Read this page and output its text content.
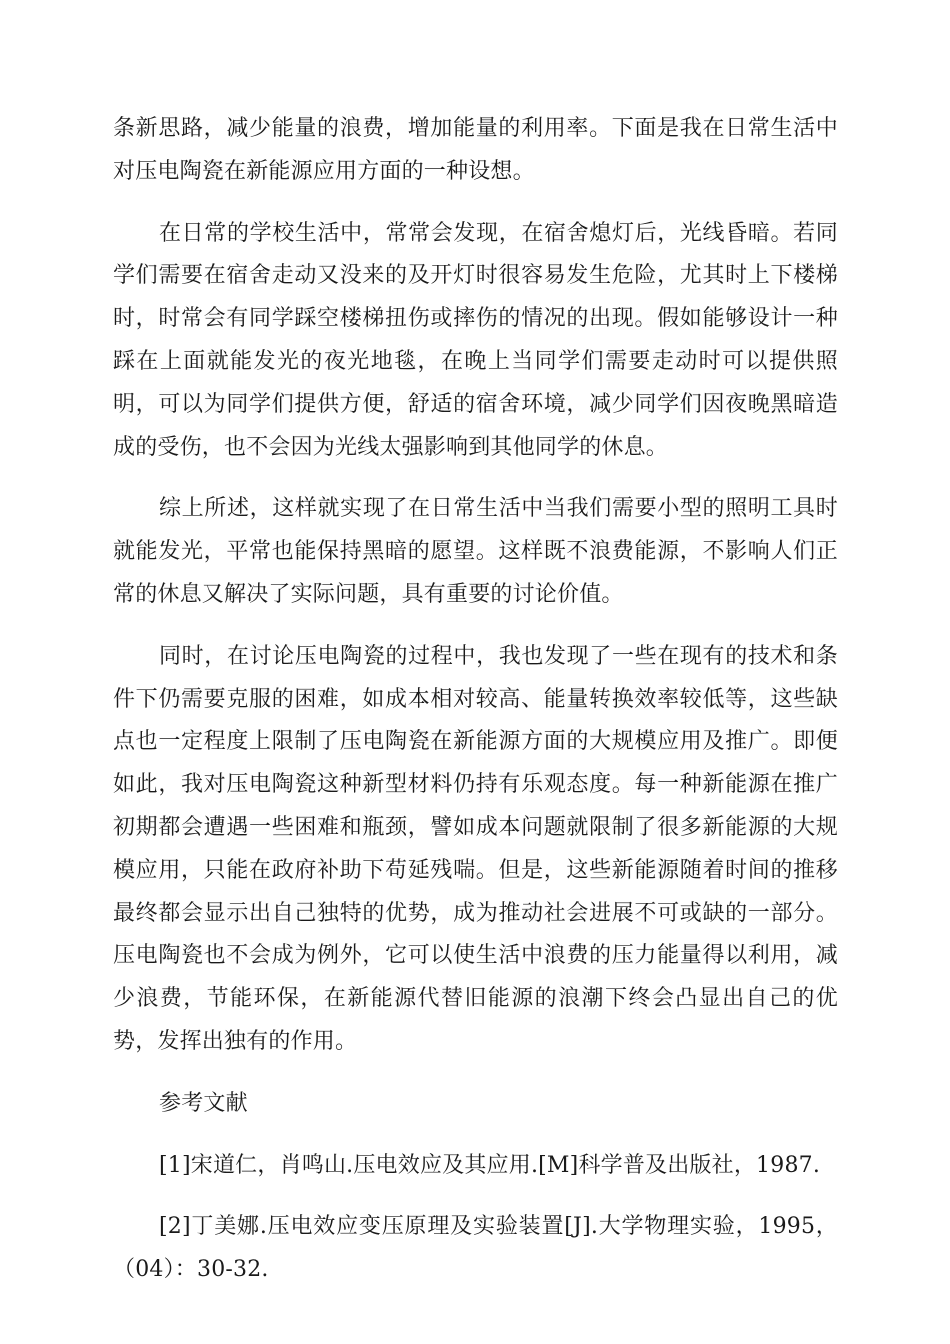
条新思路，减少能量的浪费，增加能量的利用率。下面是我在日常生活中对压电陶瓷在新能源应用方面的一种设想。

在日常的学校生活中，常常会发现，在宿舍熄灯后，光线昏暗。若同学们需要在宿舍走动又没来的及开灯时很容易发生危险，尤其时上下楼梯时，时常会有同学踩空楼梯扭伤或摔伤的情况的出现。假如能够设计一种踩在上面就能发光的夜光地毯，在晚上当同学们需要走动时可以提供照明，可以为同学们提供方便，舒适的宿舍环境，减少同学们因夜晚黑暗造成的受伤，也不会因为光线太强影响到其他同学的休息。

综上所述，这样就实现了在日常生活中当我们需要小型的照明工具时就能发光，平常也能保持黑暗的愿望。这样既不浪费能源，不影响人们正常的休息又解决了实际问题，具有重要的讨论价值。

同时，在讨论压电陶瓷的过程中，我也发现了一些在现有的技术和条件下仍需要克服的困难，如成本相对较高、能量转换效率较低等，这些缺点也一定程度上限制了压电陶瓷在新能源方面的大规模应用及推广。即便如此，我对压电陶瓷这种新型材料仍持有乐观态度。每一种新能源在推广初期都会遭遇一些困难和瓶颈，譬如成本问题就限制了很多新能源的大规模应用，只能在政府补助下苟延残喘。但是，这些新能源随着时间的推移最终都会显示出自己独特的优势，成为推动社会进展不可或缺的一部分。压电陶瓷也不会成为例外，它可以使生活中浪费的压力能量得以利用，减少浪费，节能环保，在新能源代替旧能源的浪潮下终会凸显出自己的优势，发挥出独有的作用。

参考文献

[1]宋道仁，肖鸣山.压电效应及其应用.[M]科学普及出版社，1987.

[2]丁美娜.压电效应变压原理及实验装置[J].大学物理实验，1995，（04）：30-32.
